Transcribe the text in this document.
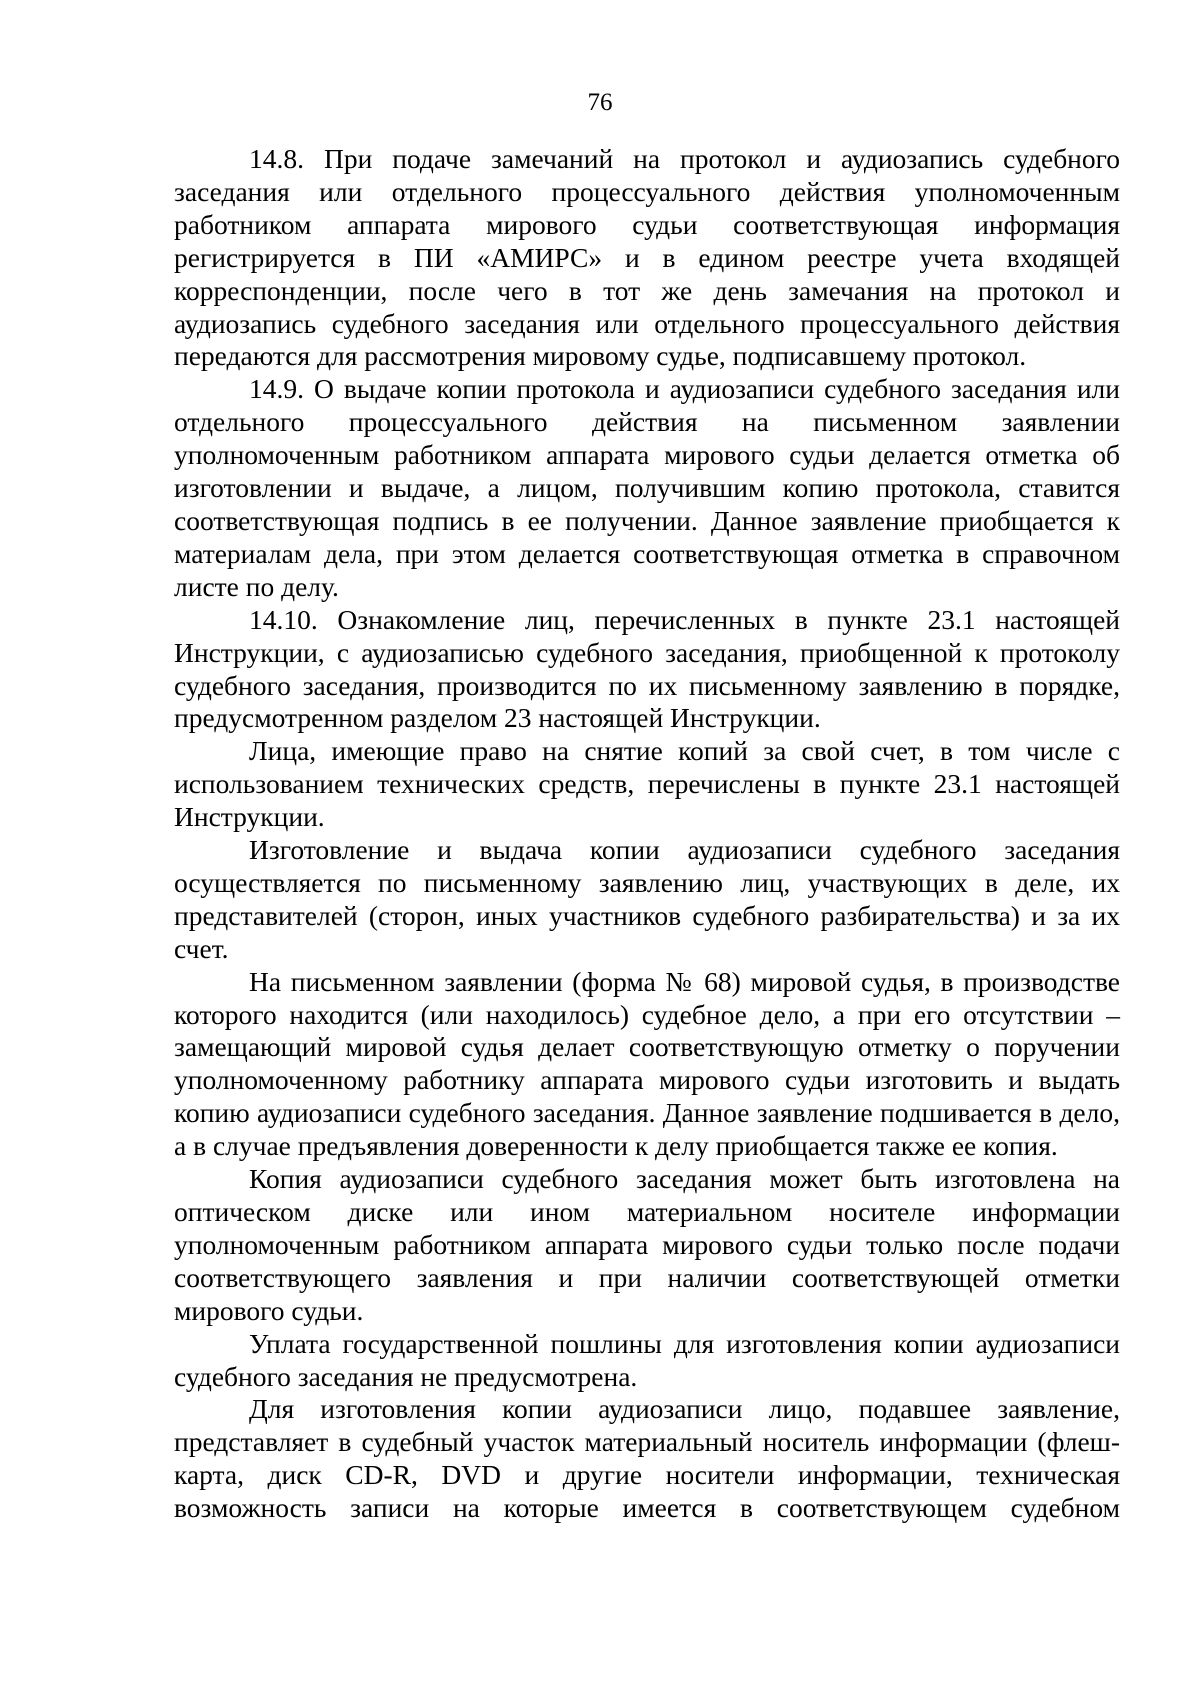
76

14.8. При подаче замечаний на протокол и аудиозапись судебного заседания или отдельного процессуального действия уполномоченным работником аппарата мирового судьи соответствующая информация регистрируется в ПИ «АМИРС» и в едином реестре учета входящей корреспонденции, после чего в тот же день замечания на протокол и аудиозапись судебного заседания или отдельного процессуального действия передаются для рассмотрения мировому судье, подписавшему протокол.

14.9. О выдаче копии протокола и аудиозаписи судебного заседания или отдельного процессуального действия на письменном заявлении уполномоченным работником аппарата мирового судьи делается отметка об изготовлении и выдаче, а лицом, получившим копию протокола, ставится соответствующая подпись в ее получении. Данное заявление приобщается к материалам дела, при этом делается соответствующая отметка в справочном листе по делу.

14.10. Ознакомление лиц, перечисленных в пункте 23.1 настоящей Инструкции, с аудиозаписью судебного заседания, приобщенной к протоколу судебного заседания, производится по их письменному заявлению в порядке, предусмотренном разделом 23 настоящей Инструкции.

Лица, имеющие право на снятие копий за свой счет, в том числе с использованием технических средств, перечислены в пункте 23.1 настоящей Инструкции.

Изготовление и выдача копии аудиозаписи судебного заседания осуществляется по письменному заявлению лиц, участвующих в деле, их представителей (сторон, иных участников судебного разбирательства) и за их счет.

На письменном заявлении (форма № 68) мировой судья, в производстве которого находится (или находилось) судебное дело, а при его отсутствии – замещающий мировой судья делает соответствующую отметку о поручении уполномоченному работнику аппарата мирового судьи изготовить и выдать копию аудиозаписи судебного заседания. Данное заявление подшивается в дело, а в случае предъявления доверенности к делу приобщается также ее копия.

Копия аудиозаписи судебного заседания может быть изготовлена на оптическом диске или ином материальном носителе информации уполномоченным работником аппарата мирового судьи только после подачи соответствующего заявления и при наличии соответствующей отметки мирового судьи.

Уплата государственной пошлины для изготовления копии аудиозаписи судебного заседания не предусмотрена.

Для изготовления копии аудиозаписи лицо, подавшее заявление, представляет в судебный участок материальный носитель информации (флеш-карта, диск CD-R, DVD и другие носители информации, техническая возможность записи на которые имеется в соответствующем судебном
